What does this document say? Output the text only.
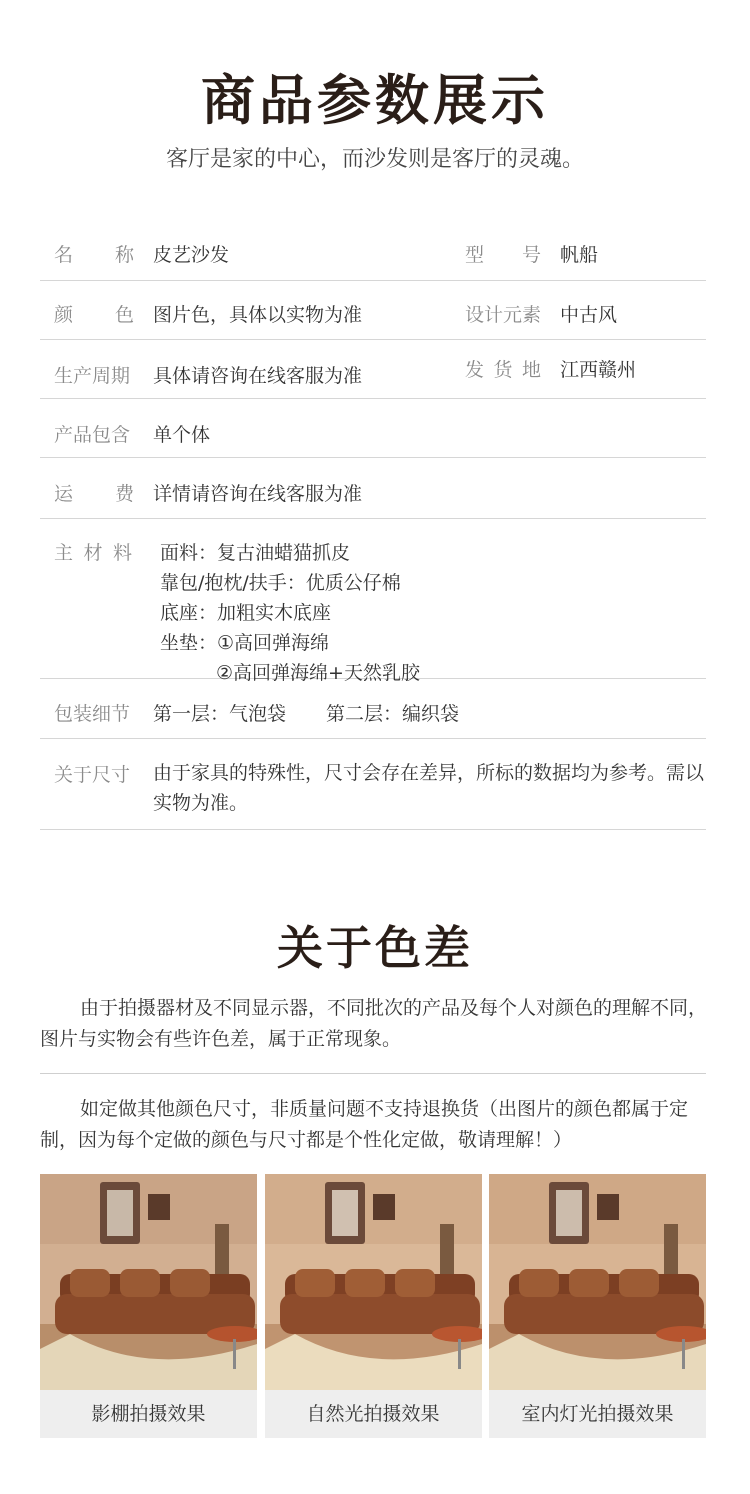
商品参数展示
客厅是家的中心，而沙发则是客厅的灵魂。
名 称 皮艺沙发	型 号 帆船
颜 色 图片色，具体以实物为准	设计元素 中古风
生产周期 具体请咨询在线客服为准	发 货 地 江西赣州
产品包含 单个体
运 费 详情请咨询在线客服为准
主 材 料 面料：复古油蜡猫抓皮
靠包/抱枕/扶手：优质公仔棉
底座：加粗实木底座
坐垫：①高回弹海绵
②高回弹海绵+天然乳胶
包装细节 第一层：气泡袋 第二层：编织袋
关于尺寸 由于家具的特殊性，尺寸会存在差异，所标的数据均为参考。需以实物为准。
关于色差
由于拍摄器材及不同显示器，不同批次的产品及每个人对颜色的理解不同，图片与实物会有些许色差，属于正常现象。
如定做其他颜色尺寸，非质量问题不支持退换货（出图片的颜色都属于定制，因为每个定做的颜色与尺寸都是个性化定做，敬请理解！）
影棚拍摄效果	自然光拍摄效果	室内灯光拍摄效果
